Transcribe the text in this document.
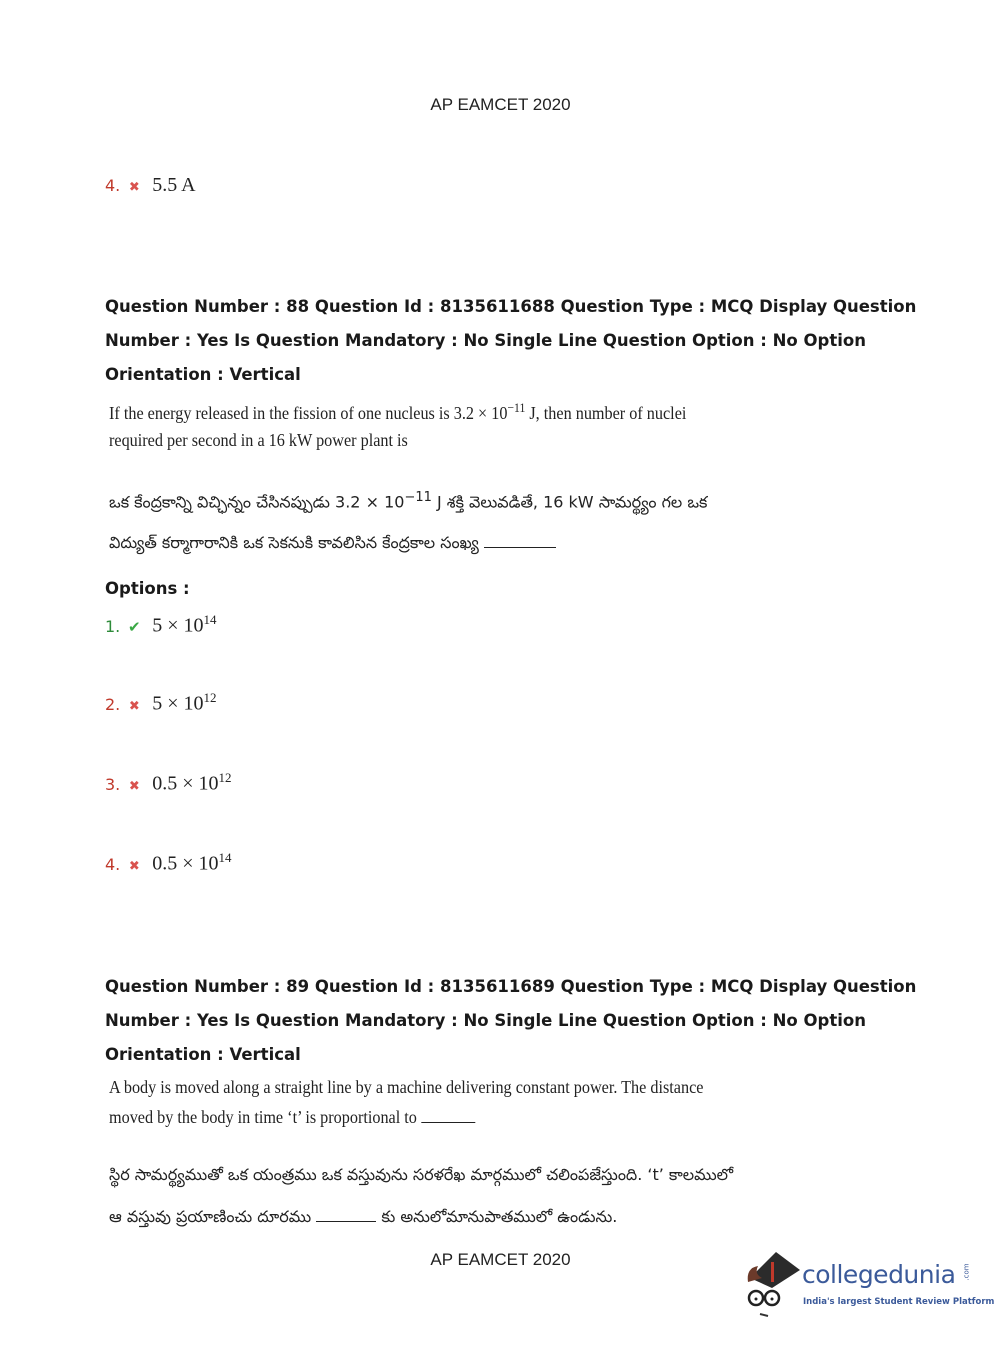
AP EAMCET 2020
4. ✖ 5.5 A
Question Number : 88 Question Id : 8135611688 Question Type : MCQ Display Question
Number : Yes Is Question Mandatory : No Single Line Question Option : No Option
Orientation : Vertical
If the energy released in the fission of one nucleus is $3.2 \times 10^{-11}$ J, then number of nuclei
required per second in a 16 kW power plant is
ఒక కేంద్రకాన్ని విచ్ఛిన్నం చేసినప్పుడు $3.2 \times 10^{-11}$ J శక్తి వెలువడితే, 16 kW సామర్థ్యం గల ఒక
విద్యుత్ కర్మాగారానికి ఒక సెకనుకి కావలిసిన కేంద్రకాల సంఖ్య
Options :
1. ✔ $5 \times 10^{14}$
2. ✖ $5 \times 10^{12}$
3. ✖ $0.5 \times 10^{12}$
4. ✖ $0.5 \times 10^{14}$
Question Number : 89 Question Id : 8135611689 Question Type : MCQ Display Question
Number : Yes Is Question Mandatory : No Single Line Question Option : No Option
Orientation : Vertical
A body is moved along a straight line by a machine delivering constant power. The distance
moved by the body in time ‘t’ is proportional to
స్థిర సామర్థ్యముతో ఒక యంత్రము ఒక వస్తువును సరళరేఖ మార్గములో చలింపజేస్తుంది. ‘t’ కాలములో
ఆ వస్తువు ప్రయాణించు దూరము	కు అనులోమానుపాతములో ఉండును.
AP EAMCET 2020
collegedunia .com
India's largest Student Review Platform
